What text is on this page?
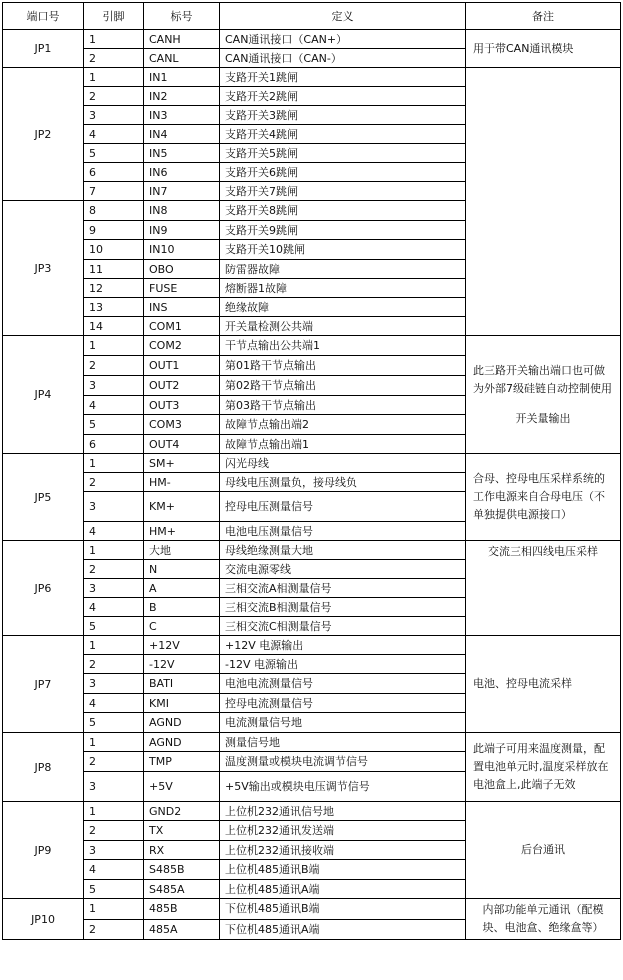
端口号	引脚	标号	定义	备注
JP1	1	CANH	CAN通讯接口（CAN+）	用于带CAN通讯模块

	2	CANL	CAN通讯接口（CAN-）	
JP2	1	IN1	支路开关1跳闸	
	2	IN2	支路开关2跳闸	
	3	IN3	支路开关3跳闸	
	4	IN4	支路开关4跳闸	
	5	IN5	支路开关5跳闸	
	6	IN6	支路开关6跳闸	
	7	IN7	支路开关7跳闸	
JP3	8	IN8	支路开关8跳闸	
	9	IN9	支路开关9跳闸	
	10	IN10	支路开关10跳闸	
	11	OBO	防雷器故障	
	12	FUSE	熔断器1故障	
	13	INS	绝缘故障	
	14	COM1	开关量检测公共端	
JP4	1	COM2	干节点输出公共端1	此三路开关输出端口也可做为外部7级硅链自动控制使用
开关量输出

	2	OUT1	第01路干节点输出	
	3	OUT2	第02路干节点输出	
	4	OUT3	第03路干节点输出	
	5	COM3	故障节点输出端2	
	6	OUT4	故障节点输出端1	
JP5	1	SM+	闪光母线	合母、控母电压采样系统的工作电源来自合母电压（不单独提供电源接口）

	2	HM-	母线电压测量负，接母线负	
	3	KM+	控母电压测量信号	
	4	HM+	电池电压测量信号	
JP6	1	大地	母线绝缘测量大地	交流三相四线电压采样

	2	N	交流电源零线	
	3	A	三相交流A相测量信号	
	4	B	三相交流B相测量信号	
	5	C	三相交流C相测量信号	
JP7	1	+12V	+12V 电源输出	电池、控母电流采样

	2	-12V	-12V 电源输出	
	3	BATI	电池电流测量信号	
	4	KMI	控母电流测量信号	
	5	AGND	电流测量信号地	
JP8	1	AGND	测量信号地	此端子可用来温度测量，配置电池单元时,温度采样放在电池盒上,此端子无效

	2	TMP	温度测量或模块电流调节信号	
	3	+5V	+5V输出或模块电压调节信号	
JP9	1	GND2	上位机232通讯信号地	后台通讯

	2	TX	上位机232通讯发送端	
	3	RX	上位机232通讯接收端	
	4	S485B	上位机485通讯B端	
	5	S485A	上位机485通讯A端	
JP10	1	485B	下位机485通讯B端	内部功能单元通讯（配模块、电池盒、绝缘盒等）

	2	485A	下位机485通讯A端	
